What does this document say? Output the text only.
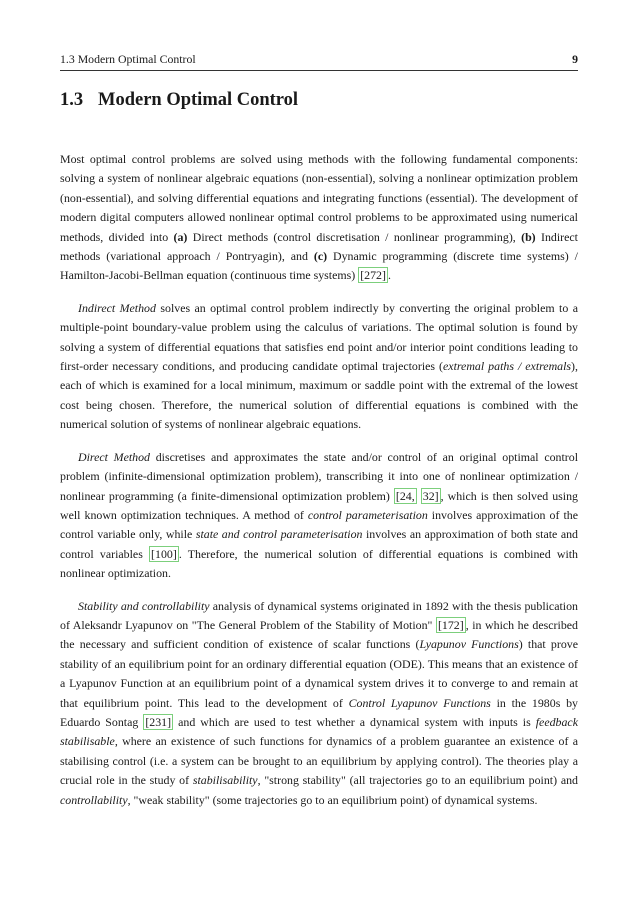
1.3 Modern Optimal Control	9
1.3 Modern Optimal Control

Most optimal control problems are solved using methods with the following fundamental components: solving a system of nonlinear algebraic equations (non-essential), solving a nonlinear optimization problem (non-essential), and solving differential equations and integrating functions (essential). The development of modern digital computers allowed nonlinear optimal control problems to be approximated using numerical methods, divided into (a) Direct methods (control discretisation / nonlinear programming), (b) Indirect methods (variational approach / Pontryagin), and (c) Dynamic programming (discrete time systems) / Hamilton-Jacobi-Bellman equation (continuous time systems) [272] .

Indirect Method solves an optimal control problem indirectly by converting the original problem to a multiple-point boundary-value problem using the calculus of variations. The optimal solution is found by solving a system of differential equations that satisfies end point and/or interior point conditions leading to first-order necessary conditions, and producing candidate optimal trajectories (extremal paths / extremals), each of which is examined for a local minimum, maximum or saddle point with the extremal of the lowest cost being chosen. Therefore, the numerical solution of differential equations is combined with the numerical solution of systems of nonlinear algebraic equations.

Direct Method discretises and approximates the state and/or control of an original optimal control problem (infinite-dimensional optimization problem), transcribing it into one of nonlinear optimization / nonlinear programming (a finite-dimensional optimization problem) [24, 32] , which is then solved using well known optimization techniques. A method of control parameterisation involves approximation of the control variable only, while state and control parameterisation involves an approximation of both state and control variables [100] . Therefore, the numerical solution of differential equations is combined with nonlinear optimization.

Stability and controllability analysis of dynamical systems originated in 1892 with the thesis publication of Aleksandr Lyapunov on "The General Problem of the Stability of Motion" [172] , in which he described the necessary and sufficient condition of existence of scalar functions (Lyapunov Functions) that prove stability of an equilibrium point for an ordinary differential equation (ODE). This means that an existence of a Lyapunov Function at an equilibrium point of a dynamical system drives it to converge to and remain at that equilibrium point. This lead to the development of Control Lyapunov Functions in the 1980s by Eduardo Sontag [231] and which are used to test whether a dynamical system with inputs is feedback stabilisable, where an existence of such functions for dynamics of a problem guarantee an existence of a stabilising control (i.e. a system can be brought to an equilibrium by applying control). The theories play a crucial role in the study of stabilisability, "strong stability" (all trajectories go to an equilibrium point) and controllability, "weak stability" (some trajectories go to an equilibrium point) of dynamical systems.
